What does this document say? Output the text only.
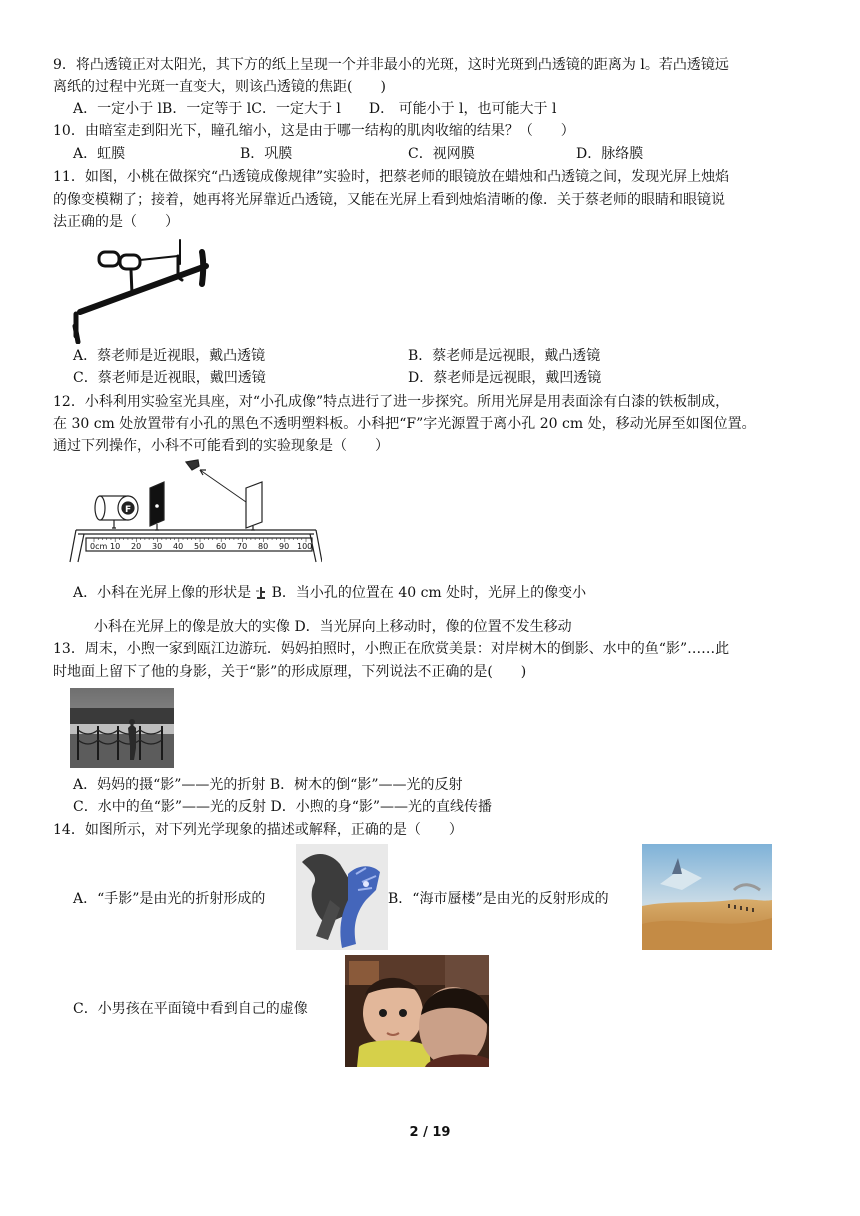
9．将凸透镜正对太阳光，其下方的纸上呈现一个并非最小的光斑，这时光斑到凸透镜的距离为 l。若凸透镜远
离纸的过程中光斑一直变大，则该凸透镜的焦距(　　)
A．一定小于 lB．一定等于 lC．一定大于 l　　D． 可能小于 l，也可能大于 l
10．由暗室走到阳光下，瞳孔缩小，这是由于哪一结构的肌肉收缩的结果？（　　）
A．虹膜	B．巩膜	C．视网膜	D．脉络膜
11．如图，小桃在做探究“凸透镜成像规律”实验时，把蔡老师的眼镜放在蜡烛和凸透镜之间，发现光屏上烛焰
的像变模糊了；接着，她再将光屏靠近凸透镜，又能在光屏上看到烛焰清晰的像．关于蔡老师的眼睛和眼镜说
法正确的是（　　）
A．蔡老师是近视眼，戴凸透镜	B．蔡老师是远视眼，戴凸透镜
C．蔡老师是近视眼，戴凹透镜	D．蔡老师是远视眼，戴凹透镜
12．小科利用实验室光具座，对“小孔成像”特点进行了进一步探究。所用光屏是用表面涂有白漆的铁板制成，
在 30 cm 处放置带有小孔的黑色不透明塑料板。小科把“F”字光源置于离小孔 20 cm 处，移动光屏至如图位置。
通过下列操作，小科不可能看到的实验现象是（　　）
0cm 10 20 30 40 50 60 70 80 90 100
F
A．小科在光屏上像的形状是 B．当小孔的位置在 40 cm 处时，光屏上的像变小
小科在光屏上的像是放大的实像 D．当光屏向上移动时，像的位置不发生移动
13．周末，小煦一家到瓯江边游玩．妈妈拍照时，小煦正在欣赏美景：对岸树木的倒影、水中的鱼“影”……此
时地面上留下了他的身影，关于“影”的形成原理，下列说法不正确的是(　　)
A．妈妈的摄“影”——光的折射 B．树木的倒“影”——光的反射
C．水中的鱼“影”——光的反射 D．小煦的身“影”——光的直线传播
14．如图所示，对下列光学现象的描述或解释，正确的是（　　）
A．“手影”是由光的折射形成的	B．“海市蜃楼”是由光的反射形成的
C．小男孩在平面镜中看到自己的虚像
2 / 19
